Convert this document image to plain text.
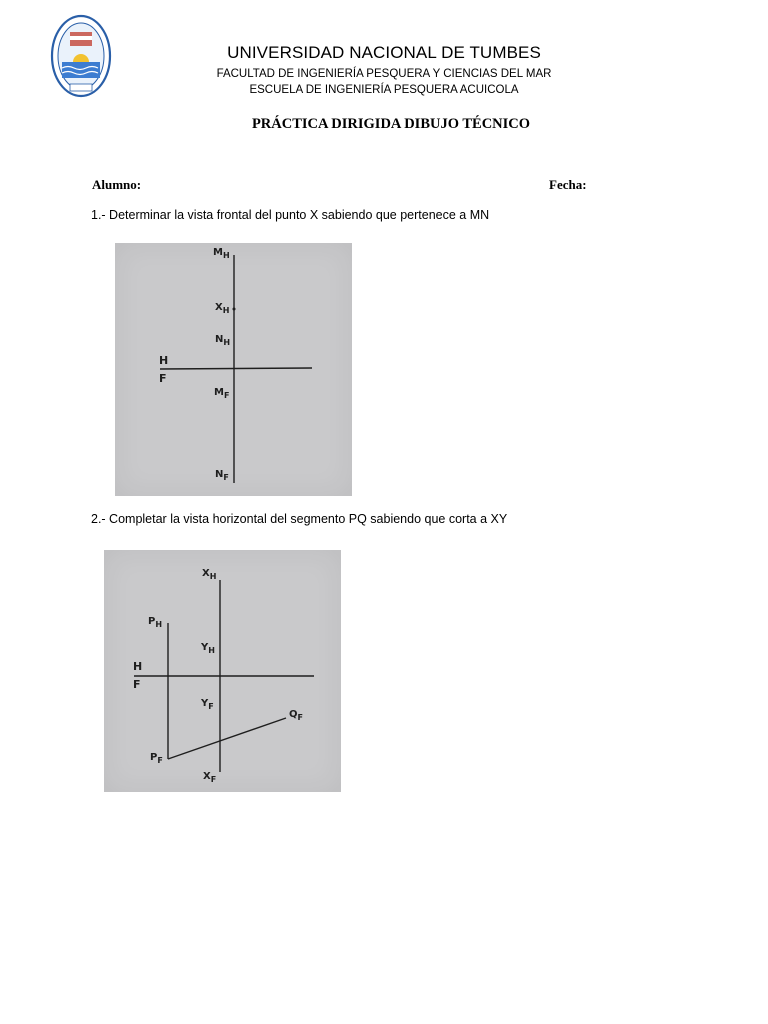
UNIVERSIDAD NACIONAL DE TUMBES
FACULTAD DE INGENIERÍA PESQUERA Y CIENCIAS DEL MAR
ESCUELA DE INGENIERÍA PESQUERA ACUICOLA
PRÁCTICA DIRIGIDA DIBUJO TÉCNICO
Alumno:	Fecha:
1.- Determinar la vista frontal del punto X sabiendo que pertenece a MN
$M_H$
$X_H$
$N_H$
H
F
$M_F$
$N_F$
2.- Completar la vista horizontal del segmento PQ sabiendo que corta a XY
$X_H$
$P_H$
$Y_H$
H
F
$Y_F$
$Q_F$
$P_F$
$X_F$
